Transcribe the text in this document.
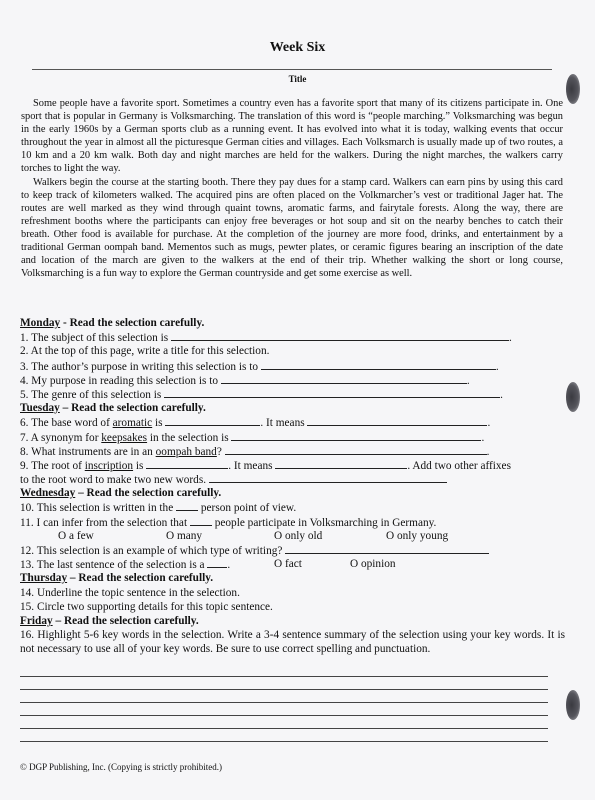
Week Six
Title

Some people have a favorite sport. Sometimes a country even has a favorite sport that many of its citizens participate in. One sport that is popular in Germany is Volksmarching. The translation of this word is “people marching.” Volksmarching was begun in the early 1960s by a German sports club as a running event. It has evolved into what it is today, walking events that occur throughout the year in almost all the picturesque German cities and villages. Each Volksmarch is usually made up of two routes, a 10 km and a 20 km walk. Both day and night marches are held for the walkers. During the night marches, the walkers carry torches to light the way.

Walkers begin the course at the starting booth. There they pay dues for a stamp card. Walkers can earn pins by using this card to keep track of kilometers walked. The acquired pins are often placed on the Volkmarcher’s vest or traditional Jager hat. The routes are well marked as they wind through quaint towns, aromatic farms, and fairytale forests. Along the way, there are refreshment booths where the participants can enjoy free beverages or hot soup and sit on the nearby benches to catch their breath. Other food is available for purchase. At the completion of the journey are more food, drinks, and entertainment by a traditional German oompah band. Mementos such as mugs, pewter plates, or ceramic figures bearing an inscription of the date and location of the march are given to the walkers at the end of their trip. Whether walking the short or long course, Volksmarching is a fun way to explore the German countryside and get some exercise as well.

Monday - Read the selection carefully.
1. The subject of this selection is	.
2. At the top of this page, write a title for this selection.
3. The author’s purpose in writing this selection is to	.
4. My purpose in reading this selection is to	.
5. The genre of this selection is	.
Tuesday – Read the selection carefully.
6. The base word of aromatic is	. It means	.
7. A synonym for keepsakes in the selection is	.
8. What instruments are in an oompah band?	.
9. The root of inscription is	. It means	. Add two other affixes
to the root word to make two new words.
Wednesday – Read the selection carefully.
10. This selection is written in the person point of view.
11. I can infer from the selection that people participate in Volksmarching in Germany.
O a few	O many	O only old	O only young
12. This selection is an example of which type of writing?
13. The last sentence of the selection is a .	O fact	O opinion
Thursday – Read the selection carefully.
14. Underline the topic sentence in the selection.
15. Circle two supporting details for this topic sentence.
Friday – Read the selection carefully.
16. Highlight 5-6 key words in the selection. Write a 3-4 sentence summary of the selection using your key words. It is not necessary to use all of your key words. Be sure to use correct spelling and punctuation.
© DGP Publishing, Inc. (Copying is strictly prohibited.)
